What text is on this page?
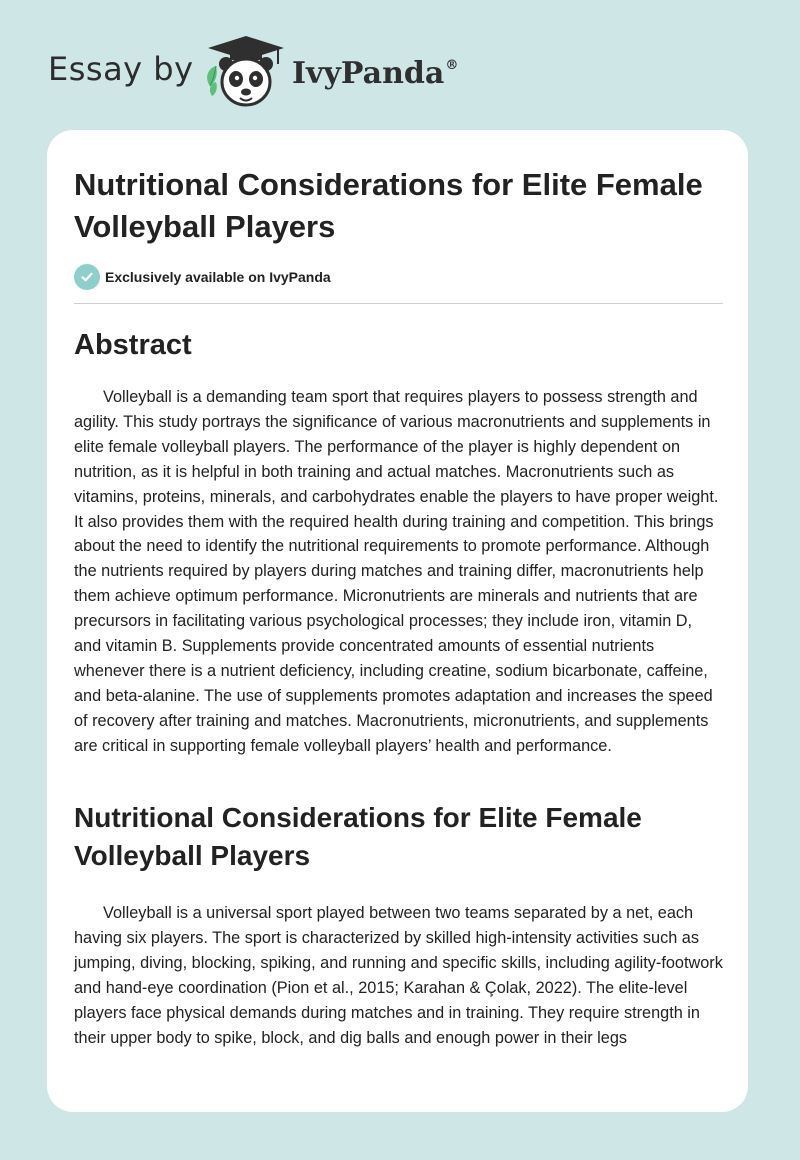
Essay by	IvyPanda®
Nutritional Considerations for Elite Female Volleyball Players
Exclusively available on IvyPanda
Abstract

Volleyball is a demanding team sport that requires players to possess strength and agility. This study portrays the significance of various macronutrients and supplements in elite female volleyball players. The performance of the player is highly dependent on nutrition, as it is helpful in both training and actual matches. Macronutrients such as vitamins, proteins, minerals, and carbohydrates enable the players to have proper weight. It also provides them with the required health during training and competition. This brings about the need to identify the nutritional requirements to promote performance. Although the nutrients required by players during matches and training differ, macronutrients help them achieve optimum performance. Micronutrients are minerals and nutrients that are precursors in facilitating various psychological processes; they include iron, vitamin D, and vitamin B. Supplements provide concentrated amounts of essential nutrients whenever there is a nutrient deficiency, including creatine, sodium bicarbonate, caffeine, and beta-alanine. The use of supplements promotes adaptation and increases the speed of recovery after training and matches. Macronutrients, micronutrients, and supplements are critical in supporting female volleyball players’ health and performance.

Nutritional Considerations for Elite Female Volleyball Players

Volleyball is a universal sport played between two teams separated by a net, each having six players. The sport is characterized by skilled high-intensity activities such as jumping, diving, blocking, spiking, and running and specific skills, including agility-footwork and hand-eye coordination (Pion et al., 2015; Karahan & Çolak, 2022). The elite-level players face physical demands during matches and in training. They require strength in their upper body to spike, block, and dig balls and enough power in their legs
